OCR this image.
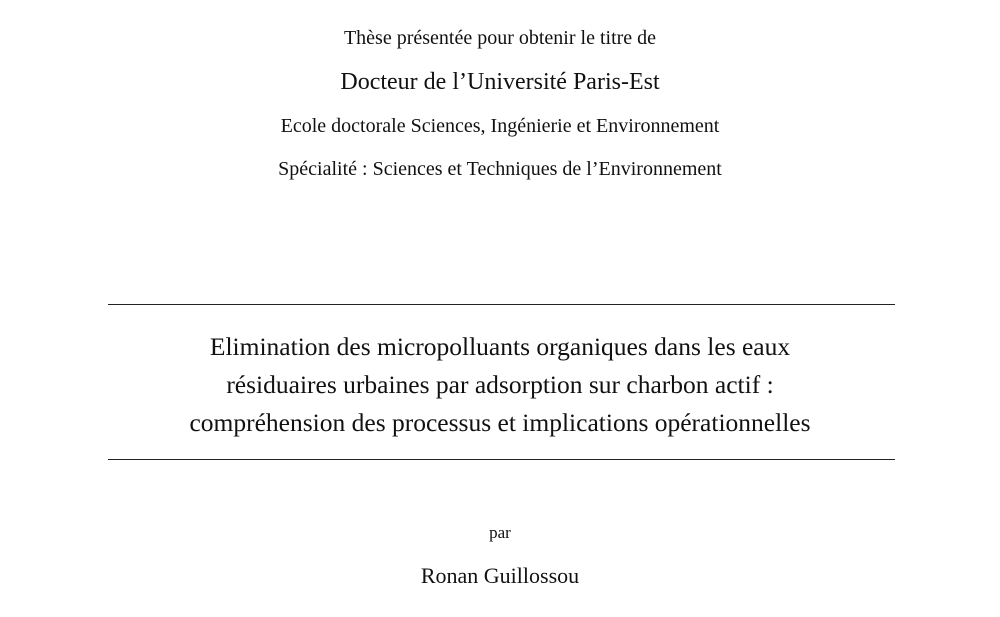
Thèse présentée pour obtenir le titre de
Docteur de l’Université Paris-Est
Ecole doctorale Sciences, Ingénierie et Environnement
Spécialité : Sciences et Techniques de l’Environnement
Elimination des micropolluants organiques dans les eaux
résiduaires urbaines par adsorption sur charbon actif :
compréhension des processus et implications opérationnelles
par
Ronan Guillossou
